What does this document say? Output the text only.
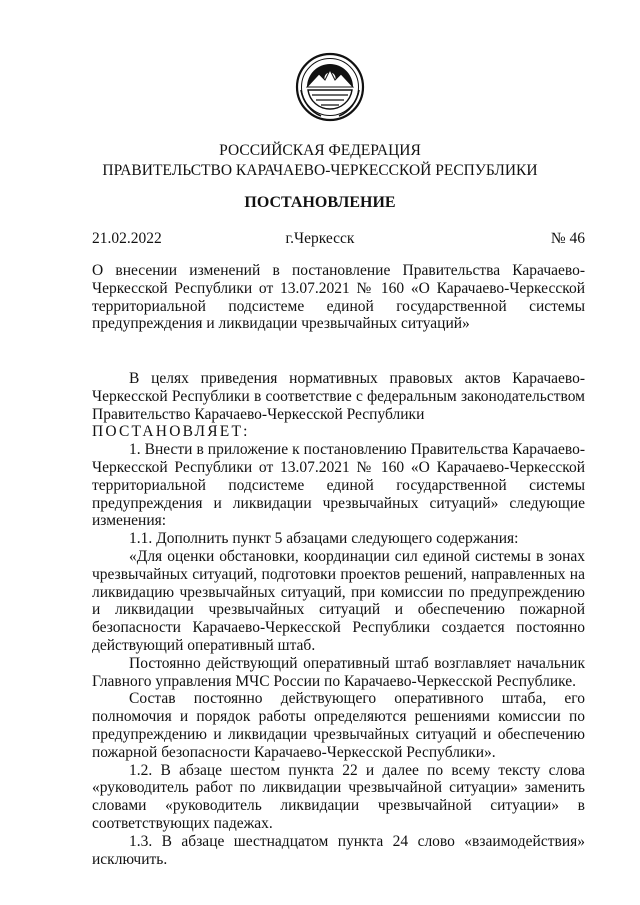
РОССИЙСКАЯ ФЕДЕРАЦИЯ
ПРАВИТЕЛЬСТВО КАРАЧАЕВО-ЧЕРКЕССКОЙ РЕСПУБЛИКИ
ПОСТАНОВЛЕНИЕ
21.02.2022	г.Черкесск	№ 46
О внесении изменений в постановление Правительства Карачаево-Черкесской Республики от 13.07.2021 № 160 «О Карачаево-Черкесской территориальной подсистеме единой государственной системы предупреждения и ликвидации чрезвычайных ситуаций»

В целях приведения нормативных правовых актов Карачаево-Черкесской Республики в соответствие с федеральным законодательством Правительство Карачаево-Черкесской Республики

ПОСТАНОВЛЯЕТ:

1. Внести в приложение к постановлению Правительства Карачаево-Черкесской Республики от 13.07.2021 № 160 «О Карачаево-Черкесской территориальной подсистеме единой государственной системы предупреждения и ликвидации чрезвычайных ситуаций» следующие изменения:

1.1. Дополнить пункт 5 абзацами следующего содержания:

«Для оценки обстановки, координации сил единой системы в зонах чрезвычайных ситуаций, подготовки проектов решений, направленных на ликвидацию чрезвычайных ситуаций, при комиссии по предупреждению и ликвидации чрезвычайных ситуаций и обеспечению пожарной безопасности Карачаево-Черкесской Республики создается постоянно действующий оперативный штаб.

Постоянно действующий оперативный штаб возглавляет начальник Главного управления МЧС России по Карачаево-Черкесской Республике.

Состав постоянно действующего оперативного штаба, его полномочия и порядок работы определяются решениями комиссии по предупреждению и ликвидации чрезвычайных ситуаций и обеспечению пожарной безопасности Карачаево-Черкесской Республики».

1.2. В абзаце шестом пункта 22 и далее по всему тексту слова «руководитель работ по ликвидации чрезвычайной ситуации» заменить словами «руководитель ликвидации чрезвычайной ситуации» в соответствующих падежах.

1.3. В абзаце шестнадцатом пункта 24 слово «взаимодействия» исключить.
